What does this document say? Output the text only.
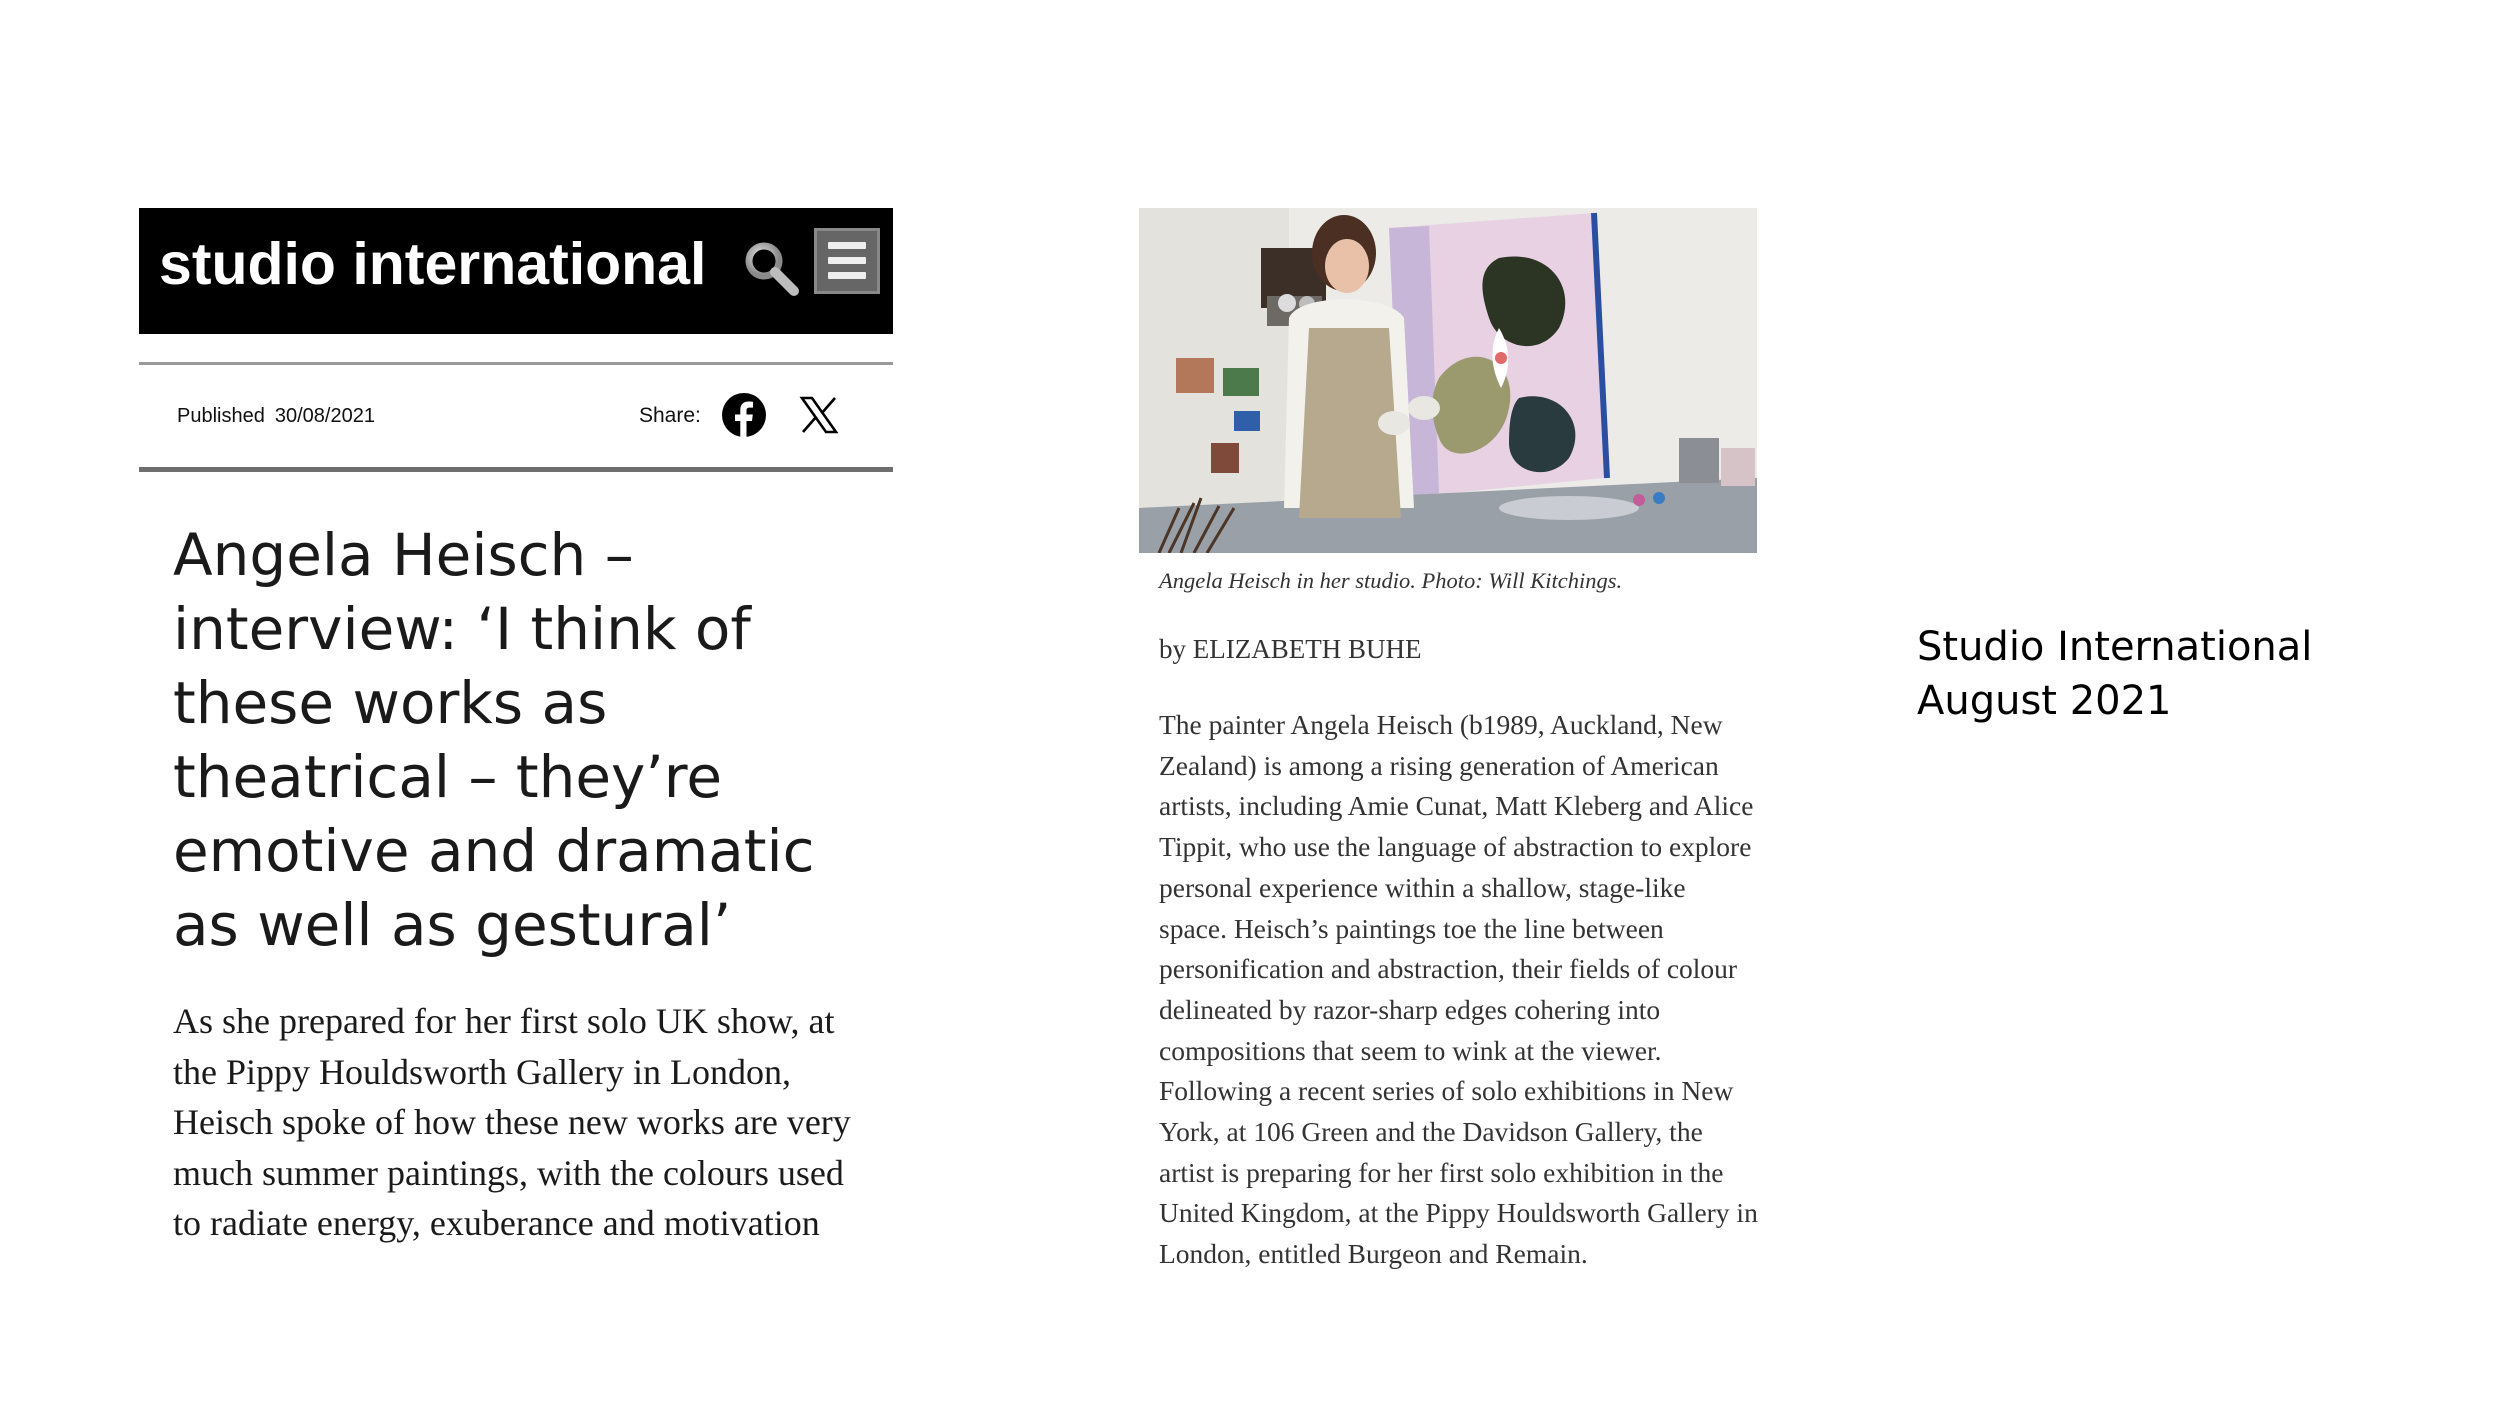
studio international
Published 30/08/2021	Share:
Angela Heisch – interview: ‘I think of these works as theatrical – they’re emotive and dramatic as well as gestural’

As she prepared for her first solo UK show, at the Pippy Houldsworth Gallery in London, Heisch spoke of how these new works are very much summer paintings, with the colours used to radiate energy, exuberance and motivation

Angela Heisch in her studio. Photo: Will Kitchings.

by ELIZABETH BUHE

The painter Angela Heisch (b1989, Auckland, New Zealand) is among a rising generation of American artists, including Amie Cunat, Matt Kleberg and Alice Tippit, who use the language of abstraction to explore personal experience within a shallow, stage-like space. Heisch’s paintings toe the line between personification and abstraction, their fields of colour delineated by razor-sharp edges cohering into compositions that seem to wink at the viewer. Following a recent series of solo exhibitions in New York, at 106 Green and the Davidson Gallery, the artist is preparing for her first solo exhibition in the United Kingdom, at the Pippy Houldsworth Gallery in London, entitled Burgeon and Remain.

Studio International
August 2021
